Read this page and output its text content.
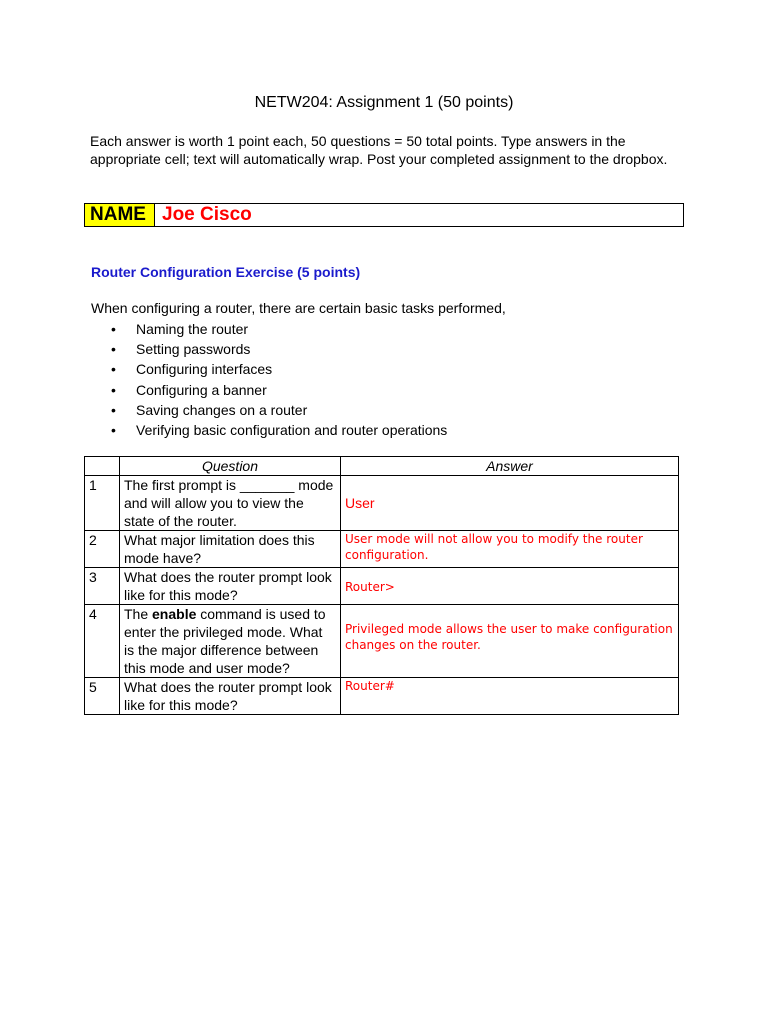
NETW204: Assignment 1 (50 points)
Each answer is worth 1 point each, 50 questions = 50 total points. Type answers in the appropriate cell; text will automatically wrap. Post your completed assignment to the dropbox.
NAME Joe Cisco
Router Configuration Exercise (5 points)
When configuring a router, there are certain basic tasks performed,
• Naming the router
• Setting passwords
• Configuring interfaces
• Configuring a banner
• Saving changes on a router
• Verifying basic configuration and router operations
	Question	Answer
1	The first prompt is _______ mode and will allow you to view the state of the router.	User
2	What major limitation does this mode have?	User mode will not allow you to modify the router configuration.

3	What does the router prompt look like for this mode?	Router>
4	The enable command is used to enter the privileged mode. What is the major difference between this mode and user mode?	Privileged mode allows the user to make configuration changes on the router.

5	What does the router prompt look like for this mode?	Router#
